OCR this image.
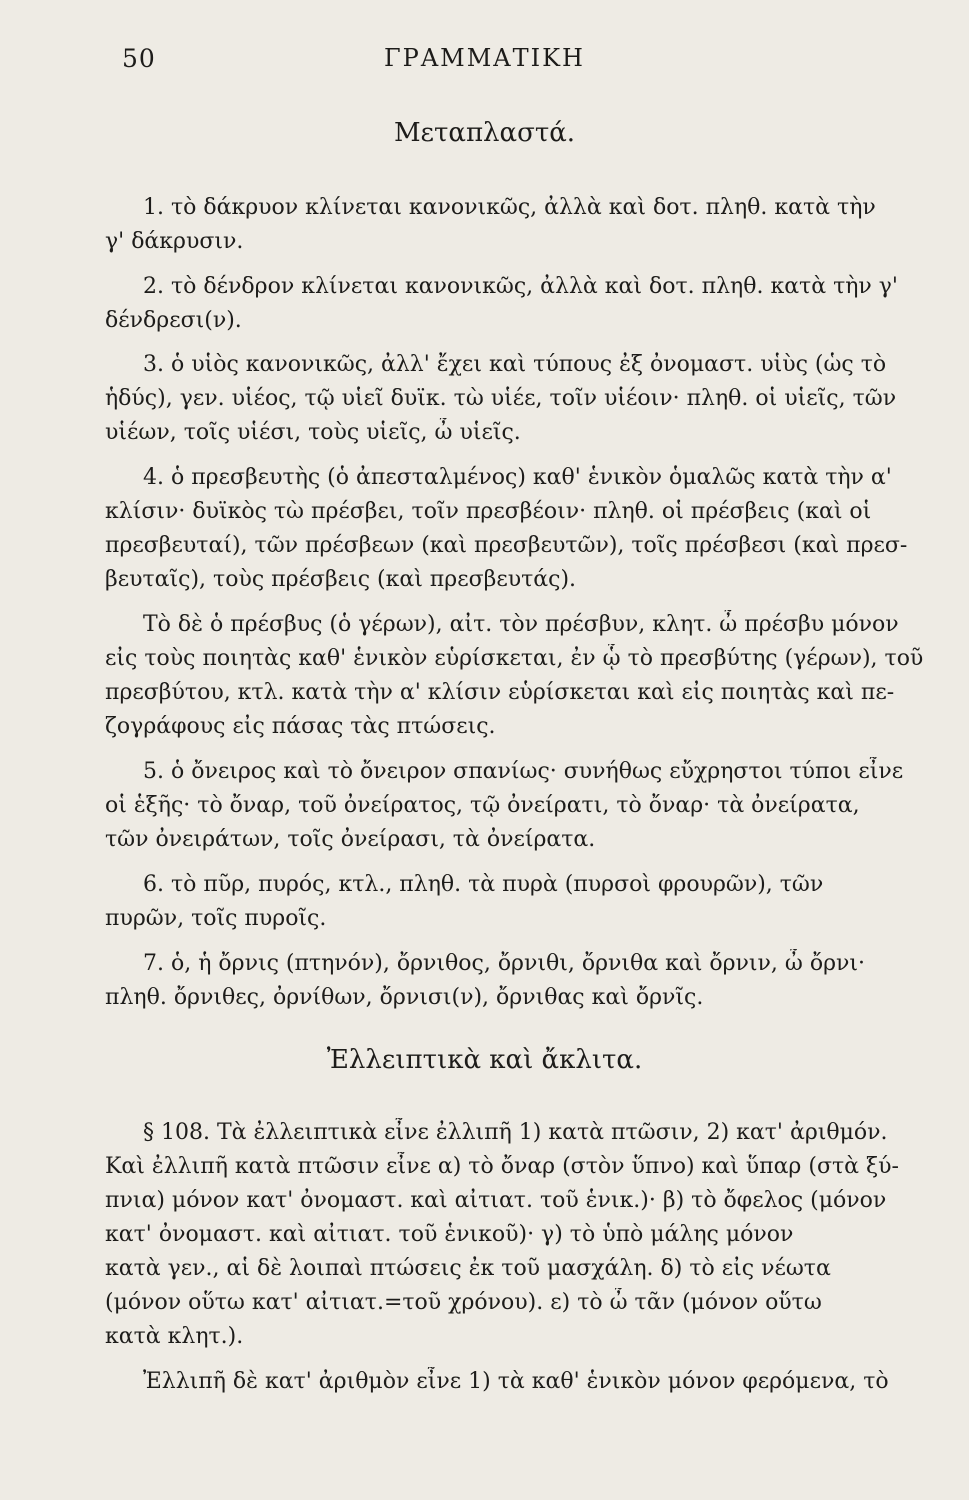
50	ΓΡΑΜΜΑΤΙΚΗ
Μεταπλαστά.
1. τὸ δάκρυον κλίνεται κανονικῶς, ἀλλὰ καὶ δοτ. πληθ. κατὰ τὴν
γ' δάκρυσιν.
2. τὸ δένδρον κλίνεται κανονικῶς, ἀλλὰ καὶ δοτ. πληθ. κατὰ τὴν γ'
δένδρεσι(ν).
3. ὁ υἱὸς κανονικῶς, ἀλλ' ἔχει καὶ τύπους ἐξ ὀνομαστ. υἱὺς (ὡς τὸ
ἡδύς), γεν. υἱέος, τῷ υἱεῖ δυϊκ. τὼ υἱέε, τοῖν υἱέοιν· πληθ. οἱ υἱεῖς, τῶν
υἱέων, τοῖς υἱέσι, τοὺς υἱεῖς, ὦ υἱεῖς.
4. ὁ πρεσβευτὴς (ὁ ἀπεσταλμένος) καθ' ἑνικὸν ὁμαλῶς κατὰ τὴν α'
κλίσιν· δυϊκὸς τὼ πρέσβει, τοῖν πρεσβέοιν· πληθ. οἱ πρέσβεις (καὶ οἱ
πρεσβευταί), τῶν πρέσβεων (καὶ πρεσβευτῶν), τοῖς πρέσβεσι (καὶ πρεσ-
βευταῖς), τοὺς πρέσβεις (καὶ πρεσβευτάς).
Τὸ δὲ ὁ πρέσβυς (ὁ γέρων), αἰτ. τὸν πρέσβυν, κλητ. ὦ πρέσβυ μόνον
εἰς τοὺς ποιητὰς καθ' ἑνικὸν εὑρίσκεται, ἐν ᾧ τὸ πρεσβύτης (γέρων), τοῦ
πρεσβύτου, κτλ. κατὰ τὴν α' κλίσιν εὑρίσκεται καὶ εἰς ποιητὰς καὶ πε-
ζογράφους εἰς πάσας τὰς πτώσεις.
5. ὁ ὄνειρος καὶ τὸ ὄνειρον σπανίως· συνήθως εὔχρηστοι τύποι εἶνε
οἱ ἑξῆς· τὸ ὄναρ, τοῦ ὀνείρατος, τῷ ὀνείρατι, τὸ ὄναρ· τὰ ὀνείρατα,
τῶν ὀνειράτων, τοῖς ὀνείρασι, τὰ ὀνείρατα.
6. τὸ πῦρ, πυρός, κτλ., πληθ. τὰ πυρὰ (πυρσοὶ φρουρῶν), τῶν
πυρῶν, τοῖς πυροῖς.
7. ὁ, ἡ ὄρνις (πτηνόν), ὄρνιθος, ὄρνιθι, ὄρνιθα καὶ ὄρνιν, ὦ ὄρνι·
πληθ. ὄρνιθες, ὀρνίθων, ὄρνισι(ν), ὄρνιθας καὶ ὄρνῖς.
Ἐλλειπτικὰ καὶ ἄκλιτα.
§ 108. Τὰ ἐλλειπτικὰ εἶνε ἐλλιπῆ 1) κατὰ πτῶσιν, 2) κατ' ἀριθμόν.
Καὶ ἐλλιπῆ κατὰ πτῶσιν εἶνε α) τὸ ὄναρ (στὸν ὕπνο) καὶ ὕπαρ (στὰ ξύ-
πνια) μόνον κατ' ὀνομαστ. καὶ αἰτιατ. τοῦ ἑνικ.)· β) τὸ ὄφελος (μόνον
κατ' ὀνομαστ. καὶ αἰτιατ. τοῦ ἑνικοῦ)· γ) τὸ ὑπὸ μάλης μόνον
κατὰ γεν., αἱ δὲ λοιπαὶ πτώσεις ἐκ τοῦ μασχάλη. δ) τὸ εἰς νέωτα
(μόνον οὕτω κατ' αἰτιατ.=τοῦ χρόνου). ε) τὸ ὦ τᾶν (μόνον οὕτω
κατὰ κλητ.).
Ἐλλιπῆ δὲ κατ' ἀριθμὸν εἶνε 1) τὰ καθ' ἑνικὸν μόνον φερόμενα, τὸ
